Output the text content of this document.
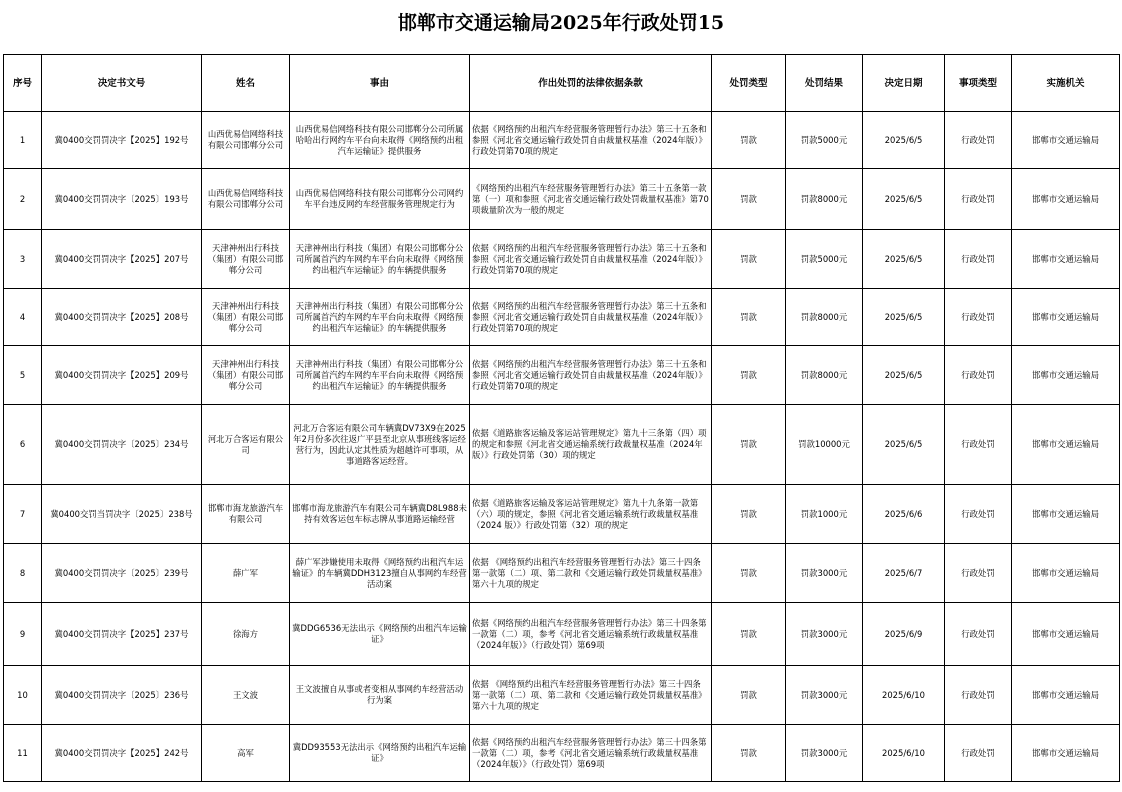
邯郸市交通运输局2025年行政处罚15
序号	决定书文号	姓名	事由	作出处罚的法律依据条款	处罚类型	处罚结果	决定日期	事项类型	实施机关
1	冀0400交罚罚决字【2025】192号	山西优易信网络科技有限公司邯郸分公司	山西优易信网络科技有限公司邯郸分公司所属哈哈出行网约车平台向未取得《网络预约出租汽车运输证》提供服务	依据《网络预约出租汽车经营服务管理暂行办法》第三十五条和参照《河北省交通运输行政处罚自由裁量权基准（2024年版）》行政处罚第70项的规定	罚款	罚款5000元	2025/6/5	行政处罚	邯郸市交通运输局
2	冀0400交罚罚决字〔2025〕193号	山西优易信网络科技有限公司邯郸分公司	山西优易信网络科技有限公司邯郸分公司网约车平台违反网约车经营服务管理规定行为	《网络预约出租汽车经营服务管理暂行办法》第三十五条第一款第（一）项和参照《河北省交通运输行政处罚裁量权基准》第70项裁量阶次为一般的规定	罚款	罚款8000元	2025/6/5	行政处罚	邯郸市交通运输局
3	冀0400交罚罚决字【2025】207号	天津神州出行科技（集团）有限公司邯郸分公司	天津神州出行科技（集团）有限公司邯郸分公司所属首汽约车网约车平台向未取得《网络预约出租汽车运输证》的车辆提供服务	依据《网络预约出租汽车经营服务管理暂行办法》第三十五条和参照《河北省交通运输行政处罚自由裁量权基准（2024年版）》行政处罚第70项的规定	罚款	罚款5000元	2025/6/5	行政处罚	邯郸市交通运输局
4	冀0400交罚罚决字【2025】208号	天津神州出行科技（集团）有限公司邯郸分公司	天津神州出行科技（集团）有限公司邯郸分公司所属首汽约车网约车平台向未取得《网络预约出租汽车运输证》的车辆提供服务	依据《网络预约出租汽车经营服务管理暂行办法》第三十五条和参照《河北省交通运输行政处罚自由裁量权基准（2024年版）》行政处罚第70项的规定	罚款	罚款8000元	2025/6/5	行政处罚	邯郸市交通运输局
5	冀0400交罚罚决字【2025】209号	天津神州出行科技（集团）有限公司邯郸分公司	天津神州出行科技（集团）有限公司邯郸分公司所属首汽约车网约车平台向未取得《网络预约出租汽车运输证》的车辆提供服务	依据《网络预约出租汽车经营服务管理暂行办法》第三十五条和参照《河北省交通运输行政处罚自由裁量权基准（2024年版）》行政处罚第70项的规定	罚款	罚款8000元	2025/6/5	行政处罚	邯郸市交通运输局
6	冀0400交罚罚决字〔2025〕234号	河北万合客运有限公司	河北万合客运有限公司车辆冀DV73X9在2025年2月份多次往返广平县至北京从事班线客运经营行为，因此认定其性质为超越许可事项，从事道路客运经营。	依据《道路旅客运输及客运站管理规定》第九十三条第（四）项的规定和参照《河北省交通运输系统行政裁量权基准（2024年版）》行政处罚第（30）项的规定	罚款	罚款10000元	2025/6/5	行政处罚	邯郸市交通运输局
7	冀0400交罚当罚决字〔2025〕238号	邯郸市海龙旅游汽车有限公司	邯郸市海龙旅游汽车有限公司车辆冀D8L988未持有效客运包车标志牌从事道路运输经营	依据《道路旅客运输及客运站管理规定》第九十九条第一款第（六）项的规定，参照《河北省交通运输系统行政裁量权基准（2024 版）》行政处罚第（32）项的规定	罚款	罚款1000元	2025/6/6	行政处罚	邯郸市交通运输局
8	冀0400交罚罚决字〔2025〕239号	薛广军	薛广军涉嫌使用未取得《网络预约出租汽车运输证》的车辆冀DDH3123擅自从事网约车经营活动案	依据 《网络预约出租汽车经营服务管理暂行办法》第三十四条第一款第（二）项、第二款和《交通运输行政处罚裁量权基准》第六十九项的规定	罚款	罚款3000元	2025/6/7	行政处罚	邯郸市交通运输局
9	冀0400交罚罚决字【2025】237号	徐海方	冀DDG6536无法出示《网络预约出租汽车运输证》	依据《网络预约出租汽车经营服务管理暂行办法》第三十四条第一款第（二）项，参考《河北省交通运输系统行政裁量权基准（2024年版）》（行政处罚）第69项	罚款	罚款3000元	2025/6/9	行政处罚	邯郸市交通运输局
10	冀0400交罚罚决字〔2025〕236号	王文波	王文波擅自从事或者变相从事网约车经营活动行为案	依据 《网络预约出租汽车经营服务管理暂行办法》第三十四条第一款第（二）项、第二款和《交通运输行政处罚裁量权基准》第六十九项的规定	罚款	罚款3000元	2025/6/10	行政处罚	邯郸市交通运输局
11	冀0400交罚罚决字【2025】242号	高军	冀DD93553无法出示《网络预约出租汽车运输证》	依据《网络预约出租汽车经营服务管理暂行办法》第三十四条第一款第（二）项，参考《河北省交通运输系统行政裁量权基准（2024年版）》（行政处罚）第69项	罚款	罚款3000元	2025/6/10	行政处罚	邯郸市交通运输局
